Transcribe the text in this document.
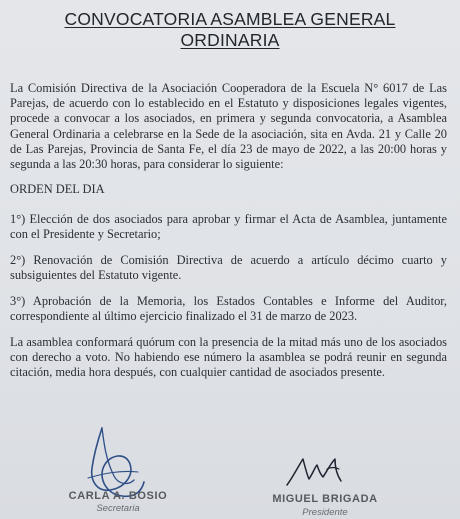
CONVOCATORIA ASAMBLEA GENERAL
ORDINARIA
La Comisión Directiva de la Asociación Cooperadora de la Escuela N° 6017 de Las Parejas, de acuerdo con lo establecido en el Estatuto y disposiciones legales vigentes, procede a convocar a los asociados, en primera y segunda convocatoria, a Asamblea General Ordinaria a celebrarse en la Sede de la asociación, sita en Avda. 21 y Calle 20 de Las Parejas, Provincia de Santa Fe, el día 23 de mayo de 2022, a las 20:00 horas y segunda a las 20:30 horas, para considerar lo siguiente:
ORDEN DEL DIA
1°) Elección de dos asociados para aprobar y firmar el Acta de Asamblea, juntamente con el Presidente y Secretario;
2°) Renovación de Comisión Directiva de acuerdo a artículo décimo cuarto y subsiguientes del Estatuto vigente.
3°) Aprobación de la Memoria, los Estados Contables e Informe del Auditor, correspondiente al último ejercicio finalizado el 31 de marzo de 2023.
La asamblea conformará quórum con la presencia de la mitad más uno de los asociados con derecho a voto. No habiendo ese número la asamblea se podrá reunir en segunda citación, media hora después, con cualquier cantidad de asociados presente.
CARLA A. BOSIO
Secretaria
MIGUEL BRIGADA
Presidente
